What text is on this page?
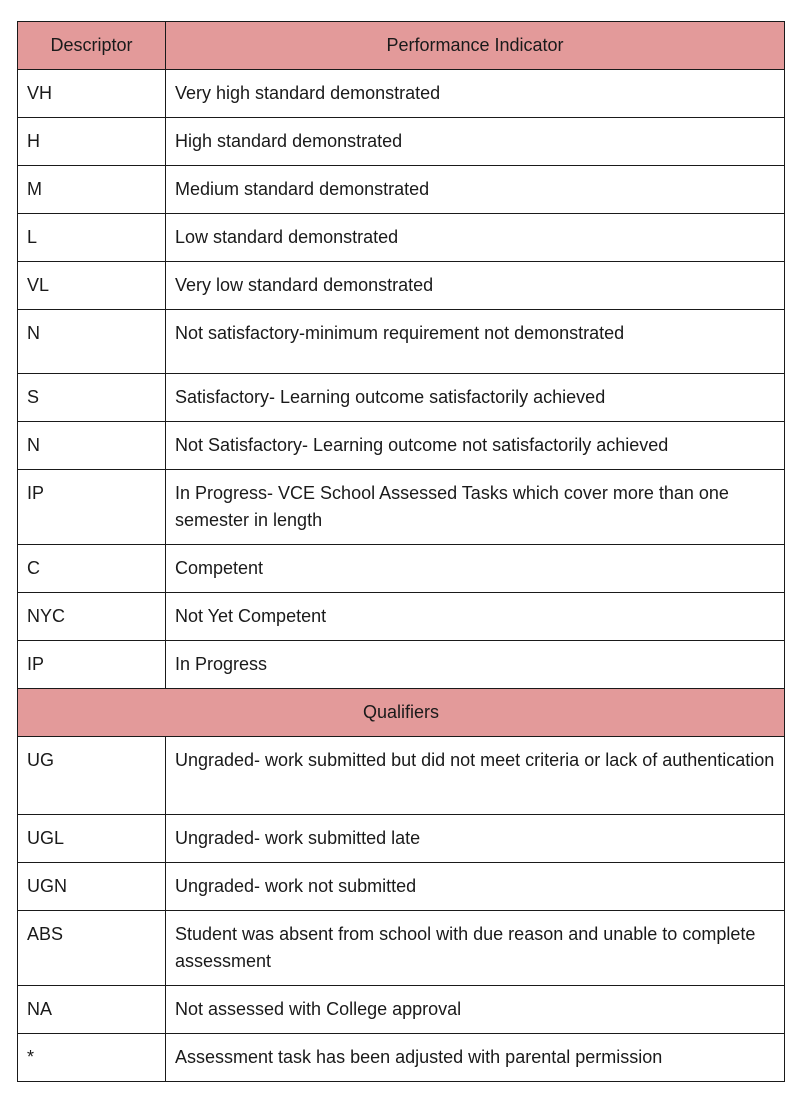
Descriptor	Performance Indicator
VH	Very high standard demonstrated
H	High standard demonstrated
M	Medium standard demonstrated
L	Low standard demonstrated
VL	Very low standard demonstrated
N	Not satisfactory-minimum requirement not demonstrated
S	Satisfactory- Learning outcome satisfactorily achieved
N	Not Satisfactory- Learning outcome not satisfactorily achieved
IP	In Progress- VCE School Assessed Tasks which cover more than one semester in length
C	Competent
NYC	Not Yet Competent
IP	In Progress
Qualifiers	
UG	Ungraded- work submitted but did not meet criteria or lack of authentication
UGL	Ungraded- work submitted late
UGN	Ungraded- work not submitted
ABS	Student was absent from school with due reason and unable to complete assessment
NA	Not assessed with College approval
*	Assessment task has been adjusted with parental permission
